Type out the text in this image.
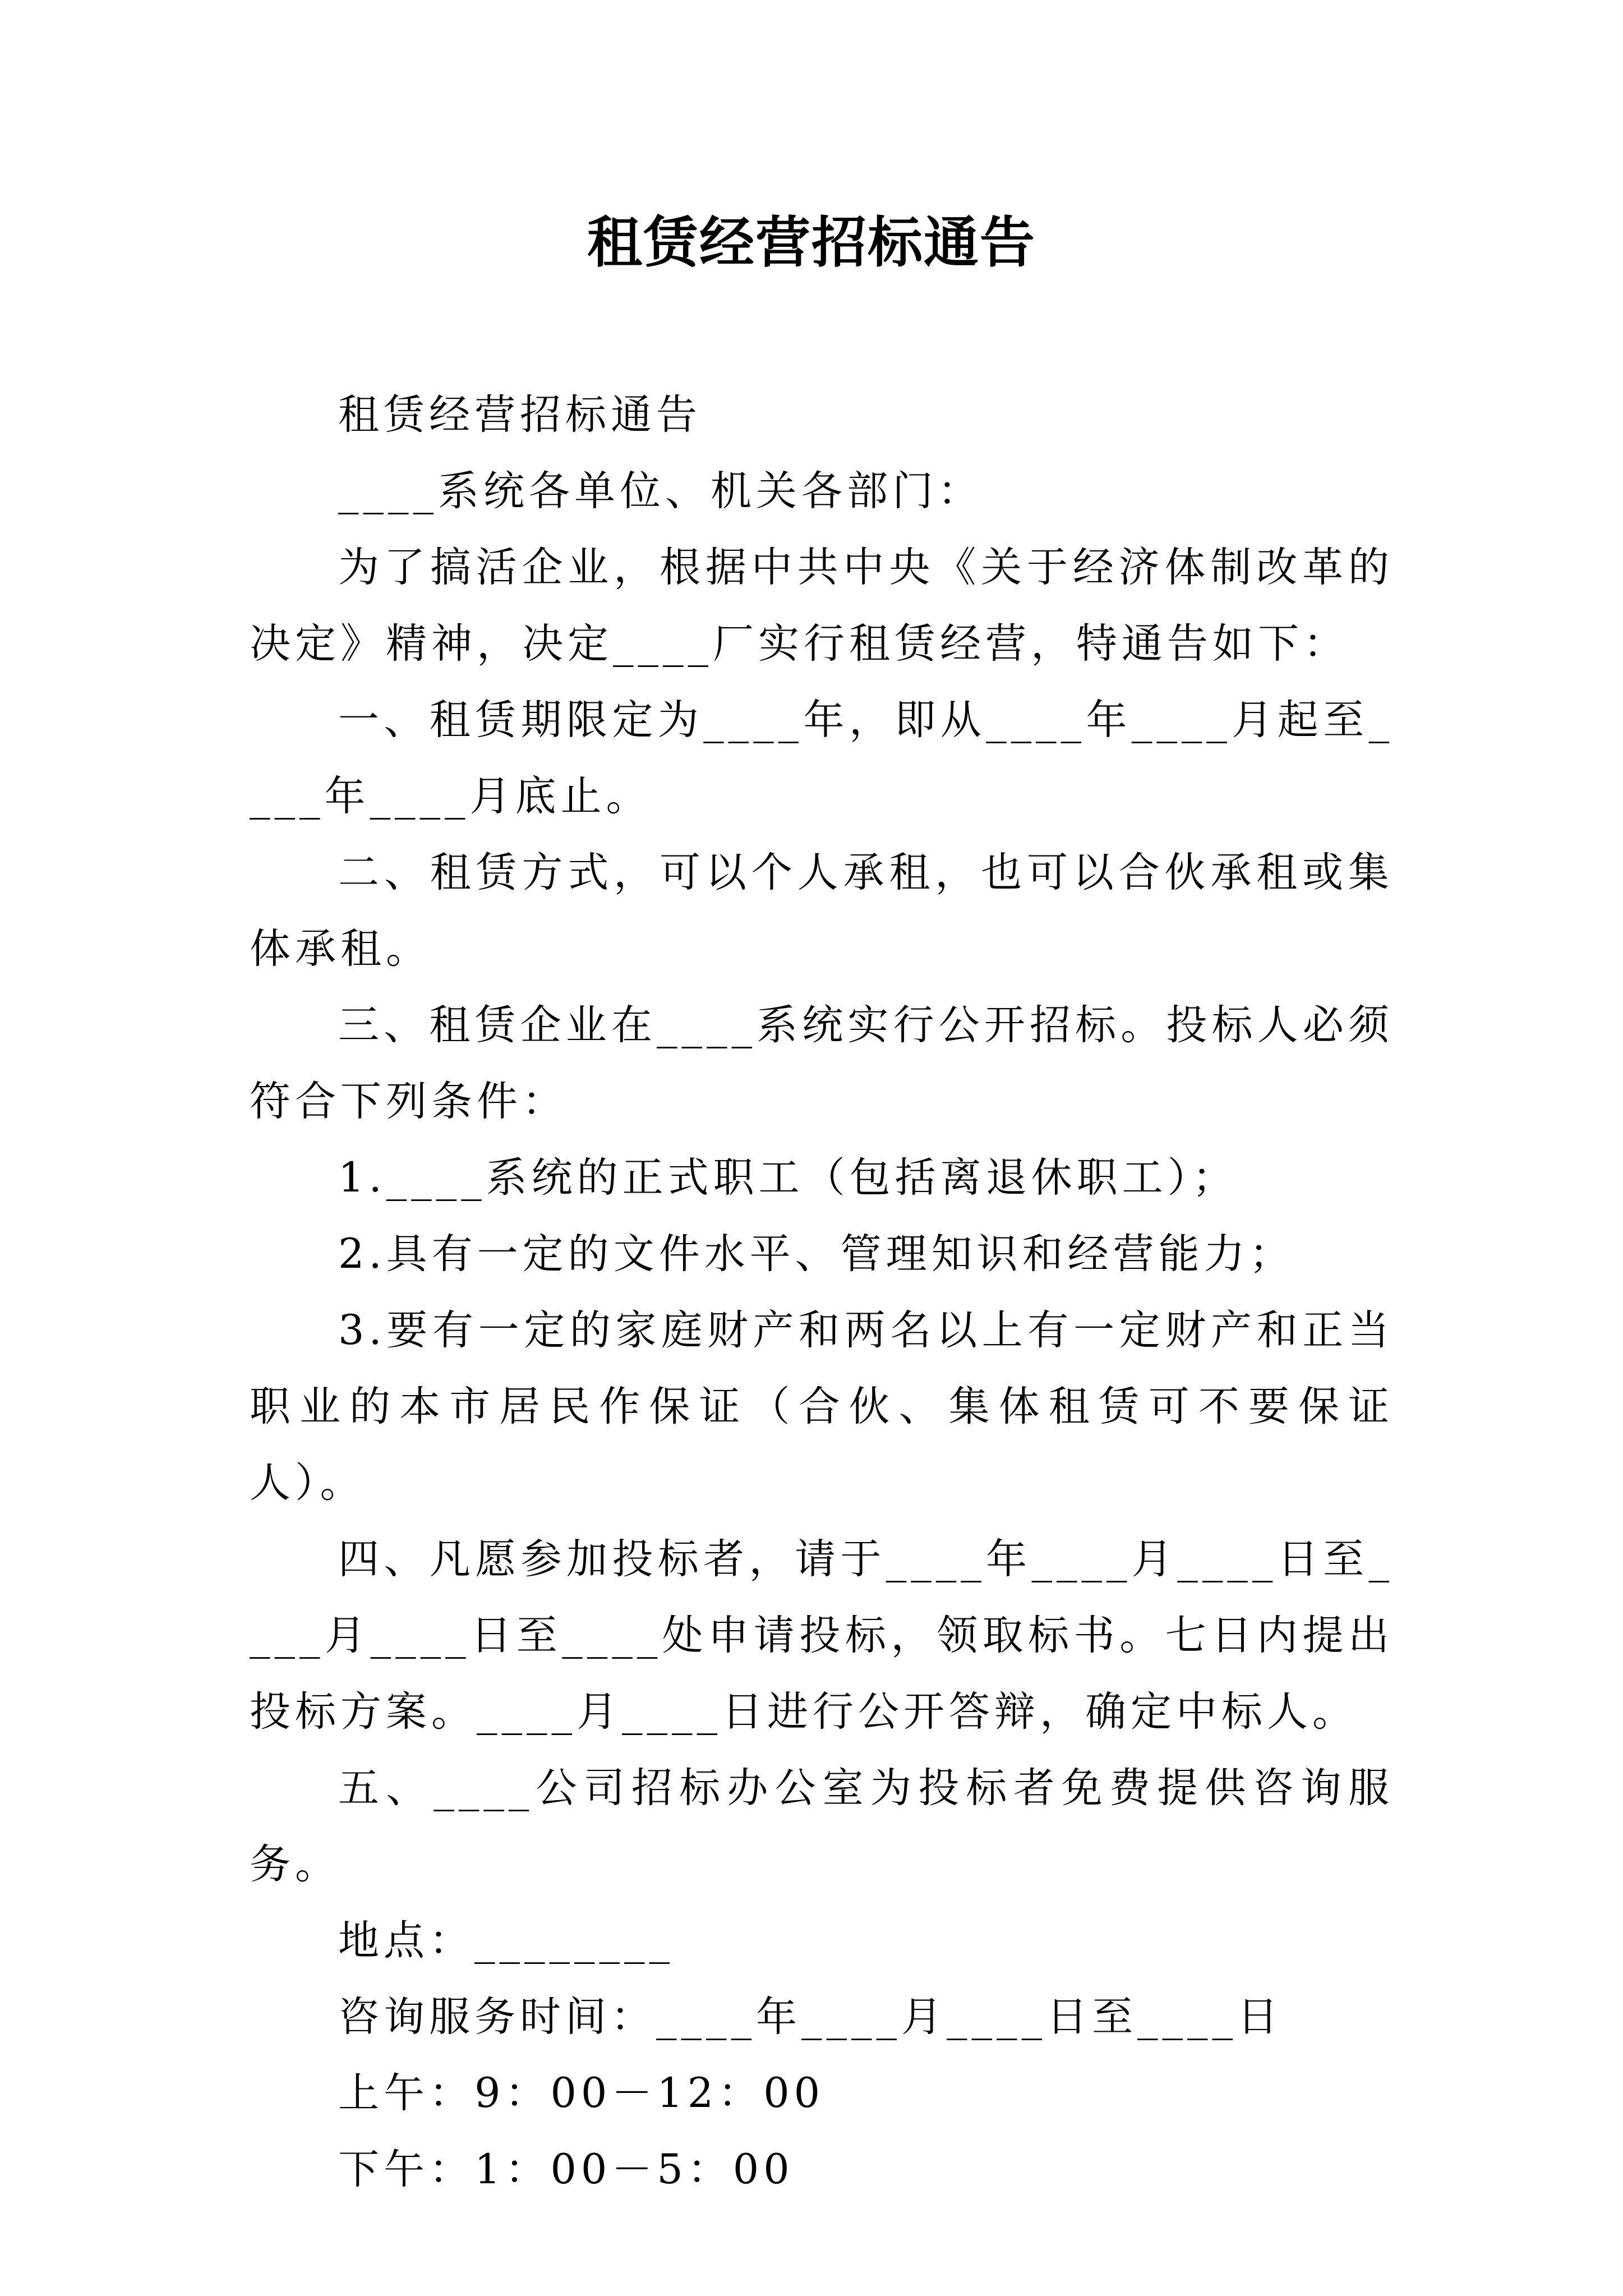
租赁经营招标通告

租赁经营招标通告

____系统各单位、机关各部门：

为了搞活企业，根据中共中央《关于经济体制改革的决定》精神，决定____厂实行租赁经营，特通告如下：

一、租赁期限定为____年，即从____年____月起至____年____月底止。

二、租赁方式，可以个人承租，也可以合伙承租或集体承租。

三、租赁企业在____系统实行公开招标。投标人必须符合下列条件：

1.____系统的正式职工（包括离退休职工）；

2.具有一定的文件水平、管理知识和经营能力；

3.要有一定的家庭财产和两名以上有一定财产和正当职业的本市居民作保证（合伙、集体租赁可不要保证人）。

四、凡愿参加投标者，请于____年____月____日至____月____日至____处申请投标，领取标书。七日内提出投标方案。____月____日进行公开答辩，确定中标人。

五、____公司招标办公室为投标者免费提供咨询服务。

地点：________

咨询服务时间：____年____月____日至____日

上午：9：00－12：00

下午：1：00－5：00
